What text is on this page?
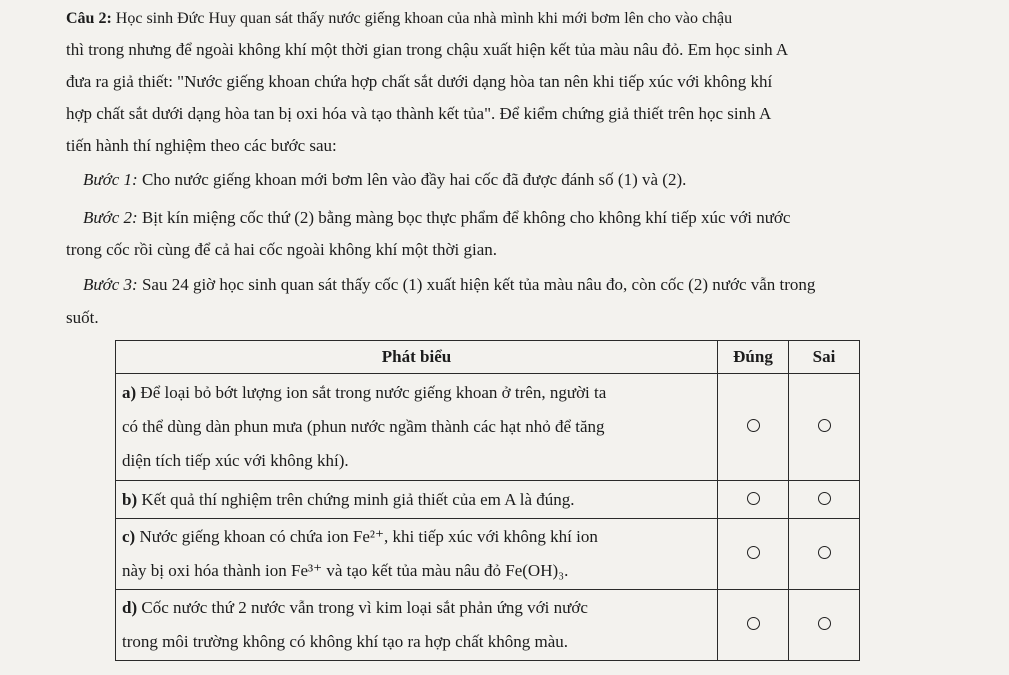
Câu 2: Học sinh Đức Huy quan sát thấy nước giếng khoan của nhà mình khi mới bơm lên cho vào chậu
thì trong nhưng để ngoài không khí một thời gian trong chậu xuất hiện kết tủa màu nâu đỏ. Em học sinh A
đưa ra giả thiết: "Nước giếng khoan chứa hợp chất sắt dưới dạng hòa tan nên khi tiếp xúc với không khí
hợp chất sắt dưới dạng hòa tan bị oxi hóa và tạo thành kết tủa". Để kiểm chứng giả thiết trên học sinh A
tiến hành thí nghiệm theo các bước sau:
Bước 1: Cho nước giếng khoan mới bơm lên vào đầy hai cốc đã được đánh số (1) và (2).
Bước 2: Bịt kín miệng cốc thứ (2) bằng màng bọc thực phẩm để không cho không khí tiếp xúc với nước
trong cốc rồi cùng để cả hai cốc ngoài không khí một thời gian.
Bước 3: Sau 24 giờ học sinh quan sát thấy cốc (1) xuất hiện kết tủa màu nâu đo, còn cốc (2) nước vẫn trong
suốt.
Phát biểu	Đúng	Sai

a) Để loại bỏ bớt lượng ion sắt trong nước giếng khoan ở trên, người ta
có thể dùng dàn phun mưa (phun nước ngầm thành các hạt nhỏ để tăng
diện tích tiếp xúc với không khí).		

b) Kết quả thí nghiệm trên chứng minh giả thiết của em A là đúng.		

c) Nước giếng khoan có chứa ion Fe²⁺, khi tiếp xúc với không khí ion
này bị oxi hóa thành ion Fe³⁺ và tạo kết tủa màu nâu đỏ Fe(OH)₃.		

d) Cốc nước thứ 2 nước vẫn trong vì kim loại sắt phản ứng với nước
trong môi trường không có không khí tạo ra hợp chất không màu.		
